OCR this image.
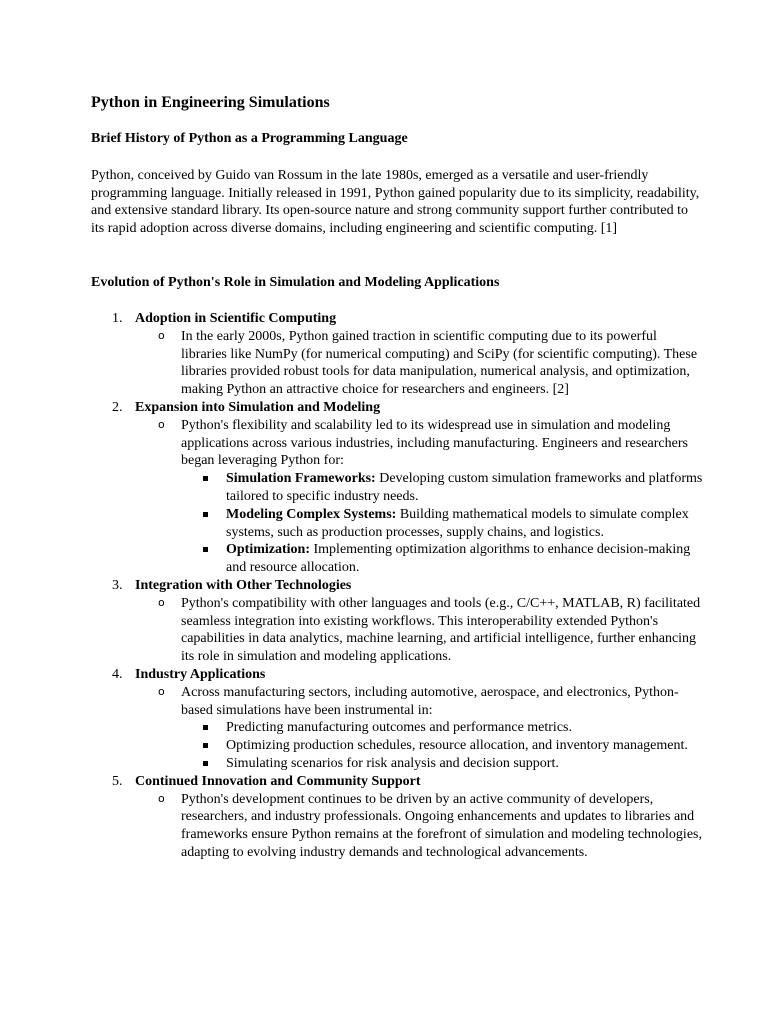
Python in Engineering Simulations
Brief History of Python as a Programming Language

Python, conceived by Guido van Rossum in the late 1980s, emerged as a versatile and user-friendly programming language. Initially released in 1991, Python gained popularity due to its simplicity, readability, and extensive standard library. Its open-source nature and strong community support further contributed to its rapid adoption across diverse domains, including engineering and scientific computing. [1]

Evolution of Python's Role in Simulation and Modeling Applications
1. Adoption in Scientific Computing
o In the early 2000s, Python gained traction in scientific computing due to its powerful libraries like NumPy (for numerical computing) and SciPy (for scientific computing). These libraries provided robust tools for data manipulation, numerical analysis, and optimization, making Python an attractive choice for researchers and engineers. [2]
2. Expansion into Simulation and Modeling
o Python's flexibility and scalability led to its widespread use in simulation and modeling applications across various industries, including manufacturing. Engineers and researchers began leveraging Python for:
Simulation Frameworks: Developing custom simulation frameworks and platforms tailored to specific industry needs.
Modeling Complex Systems: Building mathematical models to simulate complex systems, such as production processes, supply chains, and logistics.
Optimization: Implementing optimization algorithms to enhance decision-making and resource allocation.
3. Integration with Other Technologies
o Python's compatibility with other languages and tools (e.g., C/C++, MATLAB, R) facilitated seamless integration into existing workflows. This interoperability extended Python's capabilities in data analytics, machine learning, and artificial intelligence, further enhancing its role in simulation and modeling applications.
4. Industry Applications
o Across manufacturing sectors, including automotive, aerospace, and electronics, Python-based simulations have been instrumental in:
Predicting manufacturing outcomes and performance metrics.
Optimizing production schedules, resource allocation, and inventory management.
Simulating scenarios for risk analysis and decision support.
5. Continued Innovation and Community Support
o Python's development continues to be driven by an active community of developers, researchers, and industry professionals. Ongoing enhancements and updates to libraries and frameworks ensure Python remains at the forefront of simulation and modeling technologies, adapting to evolving industry demands and technological advancements.
